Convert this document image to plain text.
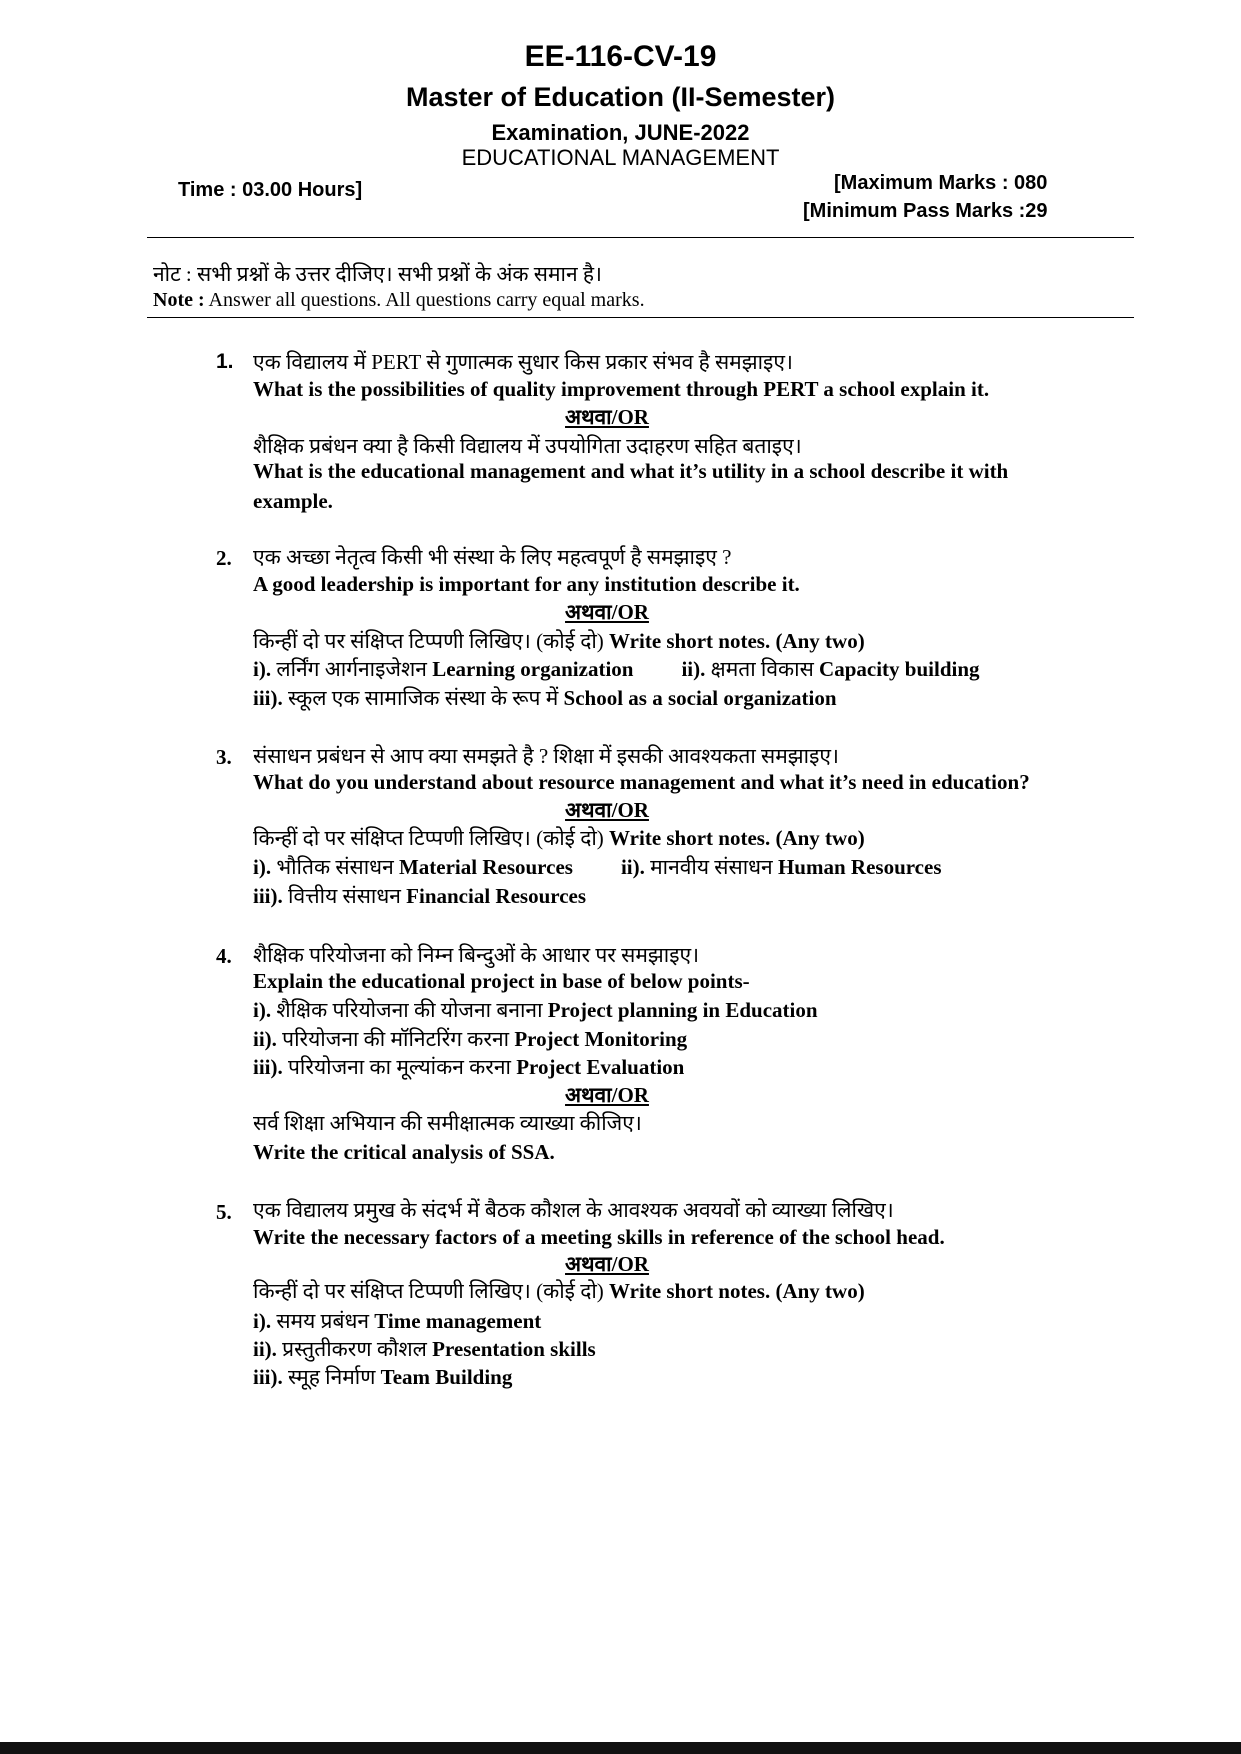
EE-116-CV-19
Master of Education (II-Semester)
Examination, JUNE-2022
EDUCATIONAL MANAGEMENT
Time : 03.00 Hours]	[Maximum Marks : 080
[Minimum Pass Marks :29
नोट : सभी प्रश्नों के उत्तर दीजिए। सभी प्रश्नों के अंक समान है।
Note : Answer all questions. All questions carry equal marks.
1. एक विद्यालय में PERT से गुणात्मक सुधार किस प्रकार संभव है समझाइए।
What is the possibilities of quality improvement through PERT a school explain it.
अथवा/OR
शैक्षिक प्रबंधन क्या है किसी विद्यालय में उपयोगिता उदाहरण सहित बताइए।
What is the educational management and what it’s utility in a school describe it with
example.
2. एक अच्छा नेतृत्व किसी भी संस्था के लिए महत्वपूर्ण है समझाइए ?
A good leadership is important for any institution describe it.
अथवा/OR
किन्हीं दो पर संक्षिप्त टिप्पणी लिखिए। (कोई दो) Write short notes. (Any two)
i). लर्निंग आर्गनाइजेशन Learning organization ii). क्षमता विकास Capacity building
iii). स्कूल एक सामाजिक संस्था के रूप में School as a social organization
3. संसाधन प्रबंधन से आप क्या समझते है ? शिक्षा में इसकी आवश्यकता समझाइए।
What do you understand about resource management and what it’s need in education?
अथवा/OR
किन्हीं दो पर संक्षिप्त टिप्पणी लिखिए। (कोई दो) Write short notes. (Any two)
i). भौतिक संसाधन Material Resources ii). मानवीय संसाधन Human Resources
iii). वित्तीय संसाधन Financial Resources
4. शैक्षिक परियोजना को निम्न बिन्दुओं के आधार पर समझाइए।
Explain the educational project in base of below points-
i). शैक्षिक परियोजना की योजना बनाना Project planning in Education
ii). परियोजना की मॉनिटरिंग करना Project Monitoring
iii). परियोजना का मूल्यांकन करना Project Evaluation
अथवा/OR
सर्व शिक्षा अभियान की समीक्षात्मक व्याख्या कीजिए।
Write the critical analysis of SSA.
5. एक विद्यालय प्रमुख के संदर्भ में बैठक कौशल के आवश्यक अवयवों को व्याख्या लिखिए।
Write the necessary factors of a meeting skills in reference of the school head.
अथवा/OR
किन्हीं दो पर संक्षिप्त टिप्पणी लिखिए। (कोई दो) Write short notes. (Any two)
i). समय प्रबंधन Time management
ii). प्रस्तुतीकरण कौशल Presentation skills
iii). स्मूह निर्माण Team Building
